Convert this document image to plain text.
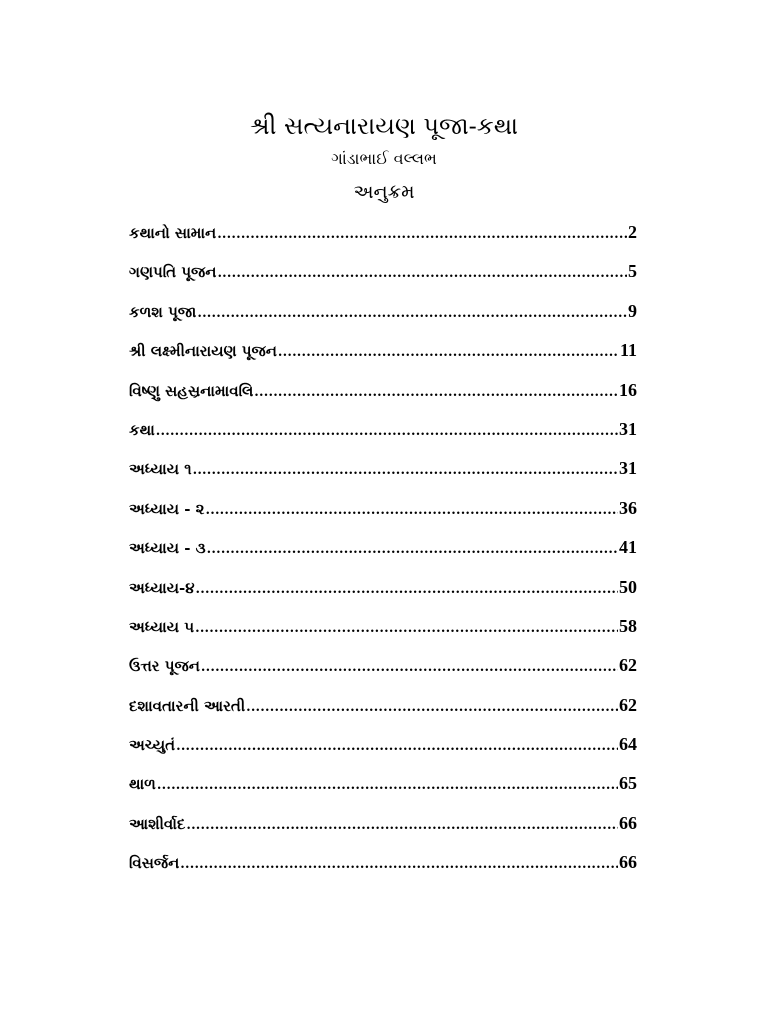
શ્રી સત્યનારાયણ પૂજા-કથા
ગાંડાભાઈ વલ્લભ
અનુક્રમ
કથાનો સામાન .....	2
ગણપતિ પૂજન .....	5
કળશ પૂજા .....	9
શ્રી લક્ષ્મીનારાયણ પૂજન .....	11
વિષ્ણુ સહસ્રનામાવલિ .....	16
કથા .....	31
અધ્યાય ૧ .....	31
અધ્યાય - ૨ .....	36
અધ્યાય - ૩ .....	41
અધ્યાય-૪ .....	50
અધ્યાય ૫ .....	58
ઉત્તર પૂજન .....	62
દશાવતારની આરતી .....	62
અચ્યુતં .....	64
થાળ .....	65
આશીર્વાદ .....	66
વિસર્જન .....	66
